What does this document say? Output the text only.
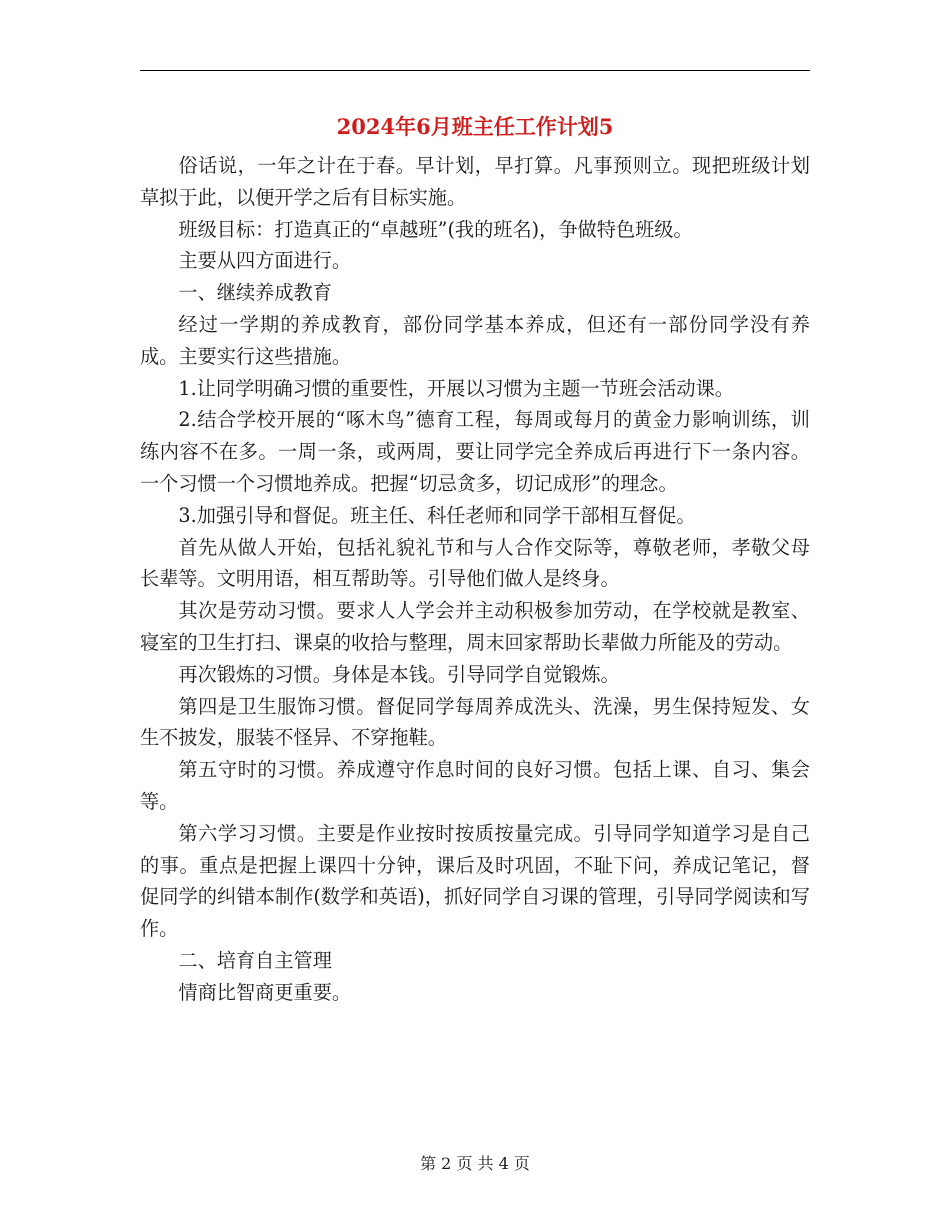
2024年6月班主任工作计划5

俗话说，一年之计在于春。早计划，早打算。凡事预则立。现把班级计划草拟于此，以便开学之后有目标实施。

班级目标：打造真正的“卓越班”(我的班名)，争做特色班级。

主要从四方面进行。

一、继续养成教育

经过一学期的养成教育，部份同学基本养成，但还有一部份同学没有养成。主要实行这些措施。

1.让同学明确习惯的重要性，开展以习惯为主题一节班会活动课。

2.结合学校开展的“啄木鸟”德育工程，每周或每月的黄金力影响训练，训练内容不在多。一周一条，或两周，要让同学完全养成后再进行下一条内容。一个习惯一个习惯地养成。把握“切忌贪多，切记成形”的理念。

3.加强引导和督促。班主任、科任老师和同学干部相互督促。

首先从做人开始，包括礼貌礼节和与人合作交际等，尊敬老师，孝敬父母长辈等。文明用语，相互帮助等。引导他们做人是终身。

其次是劳动习惯。要求人人学会并主动积极参加劳动，在学校就是教室、寝室的卫生打扫、课桌的收拾与整理，周末回家帮助长辈做力所能及的劳动。

再次锻炼的习惯。身体是本钱。引导同学自觉锻炼。

第四是卫生服饰习惯。督促同学每周养成洗头、洗澡，男生保持短发、女生不披发，服装不怪异、不穿拖鞋。

第五守时的习惯。养成遵守作息时间的良好习惯。包括上课、自习、集会等。

第六学习习惯。主要是作业按时按质按量完成。引导同学知道学习是自己的事。重点是把握上课四十分钟，课后及时巩固，不耻下问，养成记笔记，督促同学的纠错本制作(数学和英语)，抓好同学自习课的管理，引导同学阅读和写作。

二、培育自主管理

情商比智商更重要。

第 2 页 共 4 页
